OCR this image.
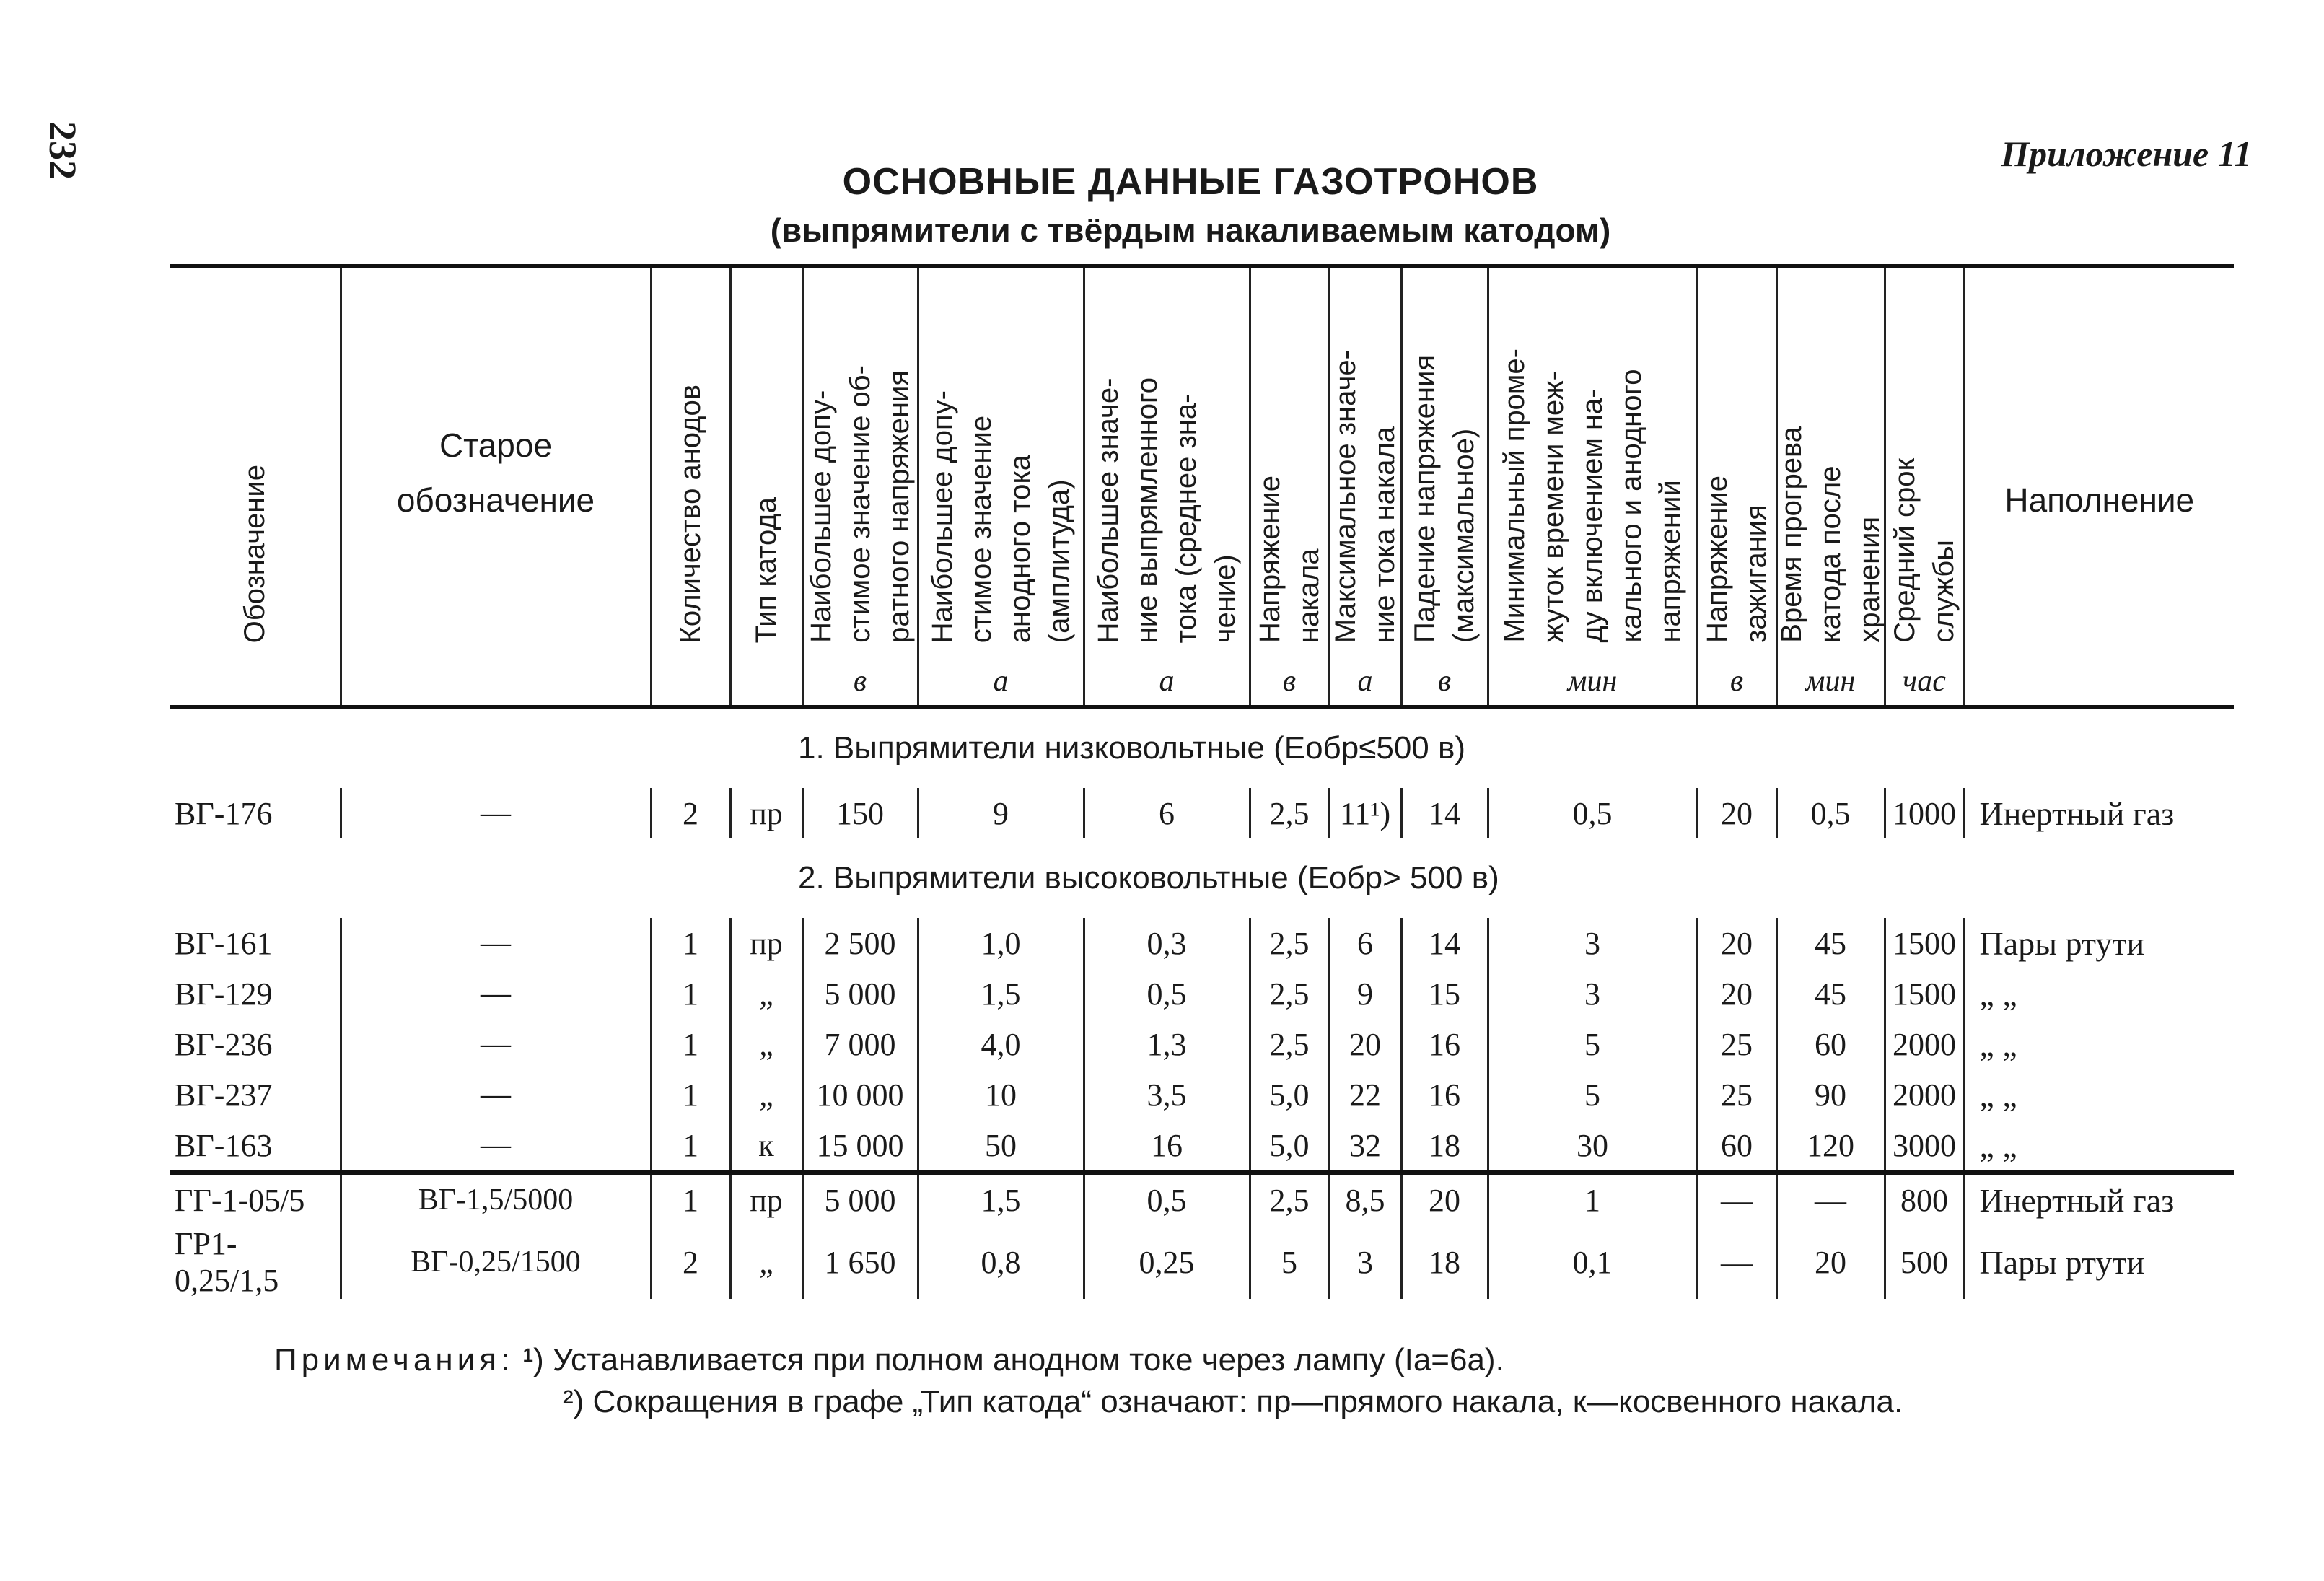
232	Приложение 11
ОСНОВНЫЕ ДАННЫЕ ГАЗОТРОНОВ
(выпрямители с твёрдым накаливаемым катодом)
Обозначение	Старое
обозначение	Количество анодов	Тип катода	Наибольшее допу-
стимое значение об-
ратного напряжения	Наибольшее допу-
стимое значение
анодного тока
(амплитуда)	Наибольшее значе-
ние выпрямленного
тока (среднее зна-
чение)	Напряжение
накала	Максимальное значе-
ние тока накала	Падение напряжения
(максимальное)	Минимальный проме-
жуток времени меж-
ду включением на-
кального и анодного
напряжений	Напряжение
зажигания	Время прогрева
катода после
хранения	Средний срок
службы	Наполнение

				в	а	а	в	а	в	мин	в	мин	час	
1. Выпрямители низковольтные (Eобр≤500 в)														
ВГ-176	—	2	пр	150	9	6	2,5	11¹)	14	0,5	20	0,5	1000	Инертный газ
2. Выпрямители высоковольтные (Eобр> 500 в)														
ВГ-161	—	1	пр	2 500	1,0	0,3	2,5	6	14	3	20	45	1500	Пары ртути
ВГ-129	—	1	„	5 000	1,5	0,5	2,5	9	15	3	20	45	1500	„ „
ВГ-236	—	1	„	7 000	4,0	1,3	2,5	20	16	5	25	60	2000	„ „
ВГ-237	—	1	„	10 000	10	3,5	5,0	22	16	5	25	90	2000	„ „
ВГ-163	—	1	к	15 000	50	16	5,0	32	18	30	60	120	3000	„ „
ГГ-1-05/5	ВГ-1,5/5000	1	пр	5 000	1,5	0,5	2,5	8,5	20	1	—	—	800	Инертный газ
ГР1-0,25/1,5	ВГ-0,25/1500	2	„	1 650	0,8	0,25	5	3	18	0,1	—	20	500	Пары ртути
Примечания: ¹) Устанавливается при полном анодном токе через лампу (Iа=6а).
²) Сокращения в графе „Тип катода“ означают: пр—прямого накала, к—косвенного накала.
